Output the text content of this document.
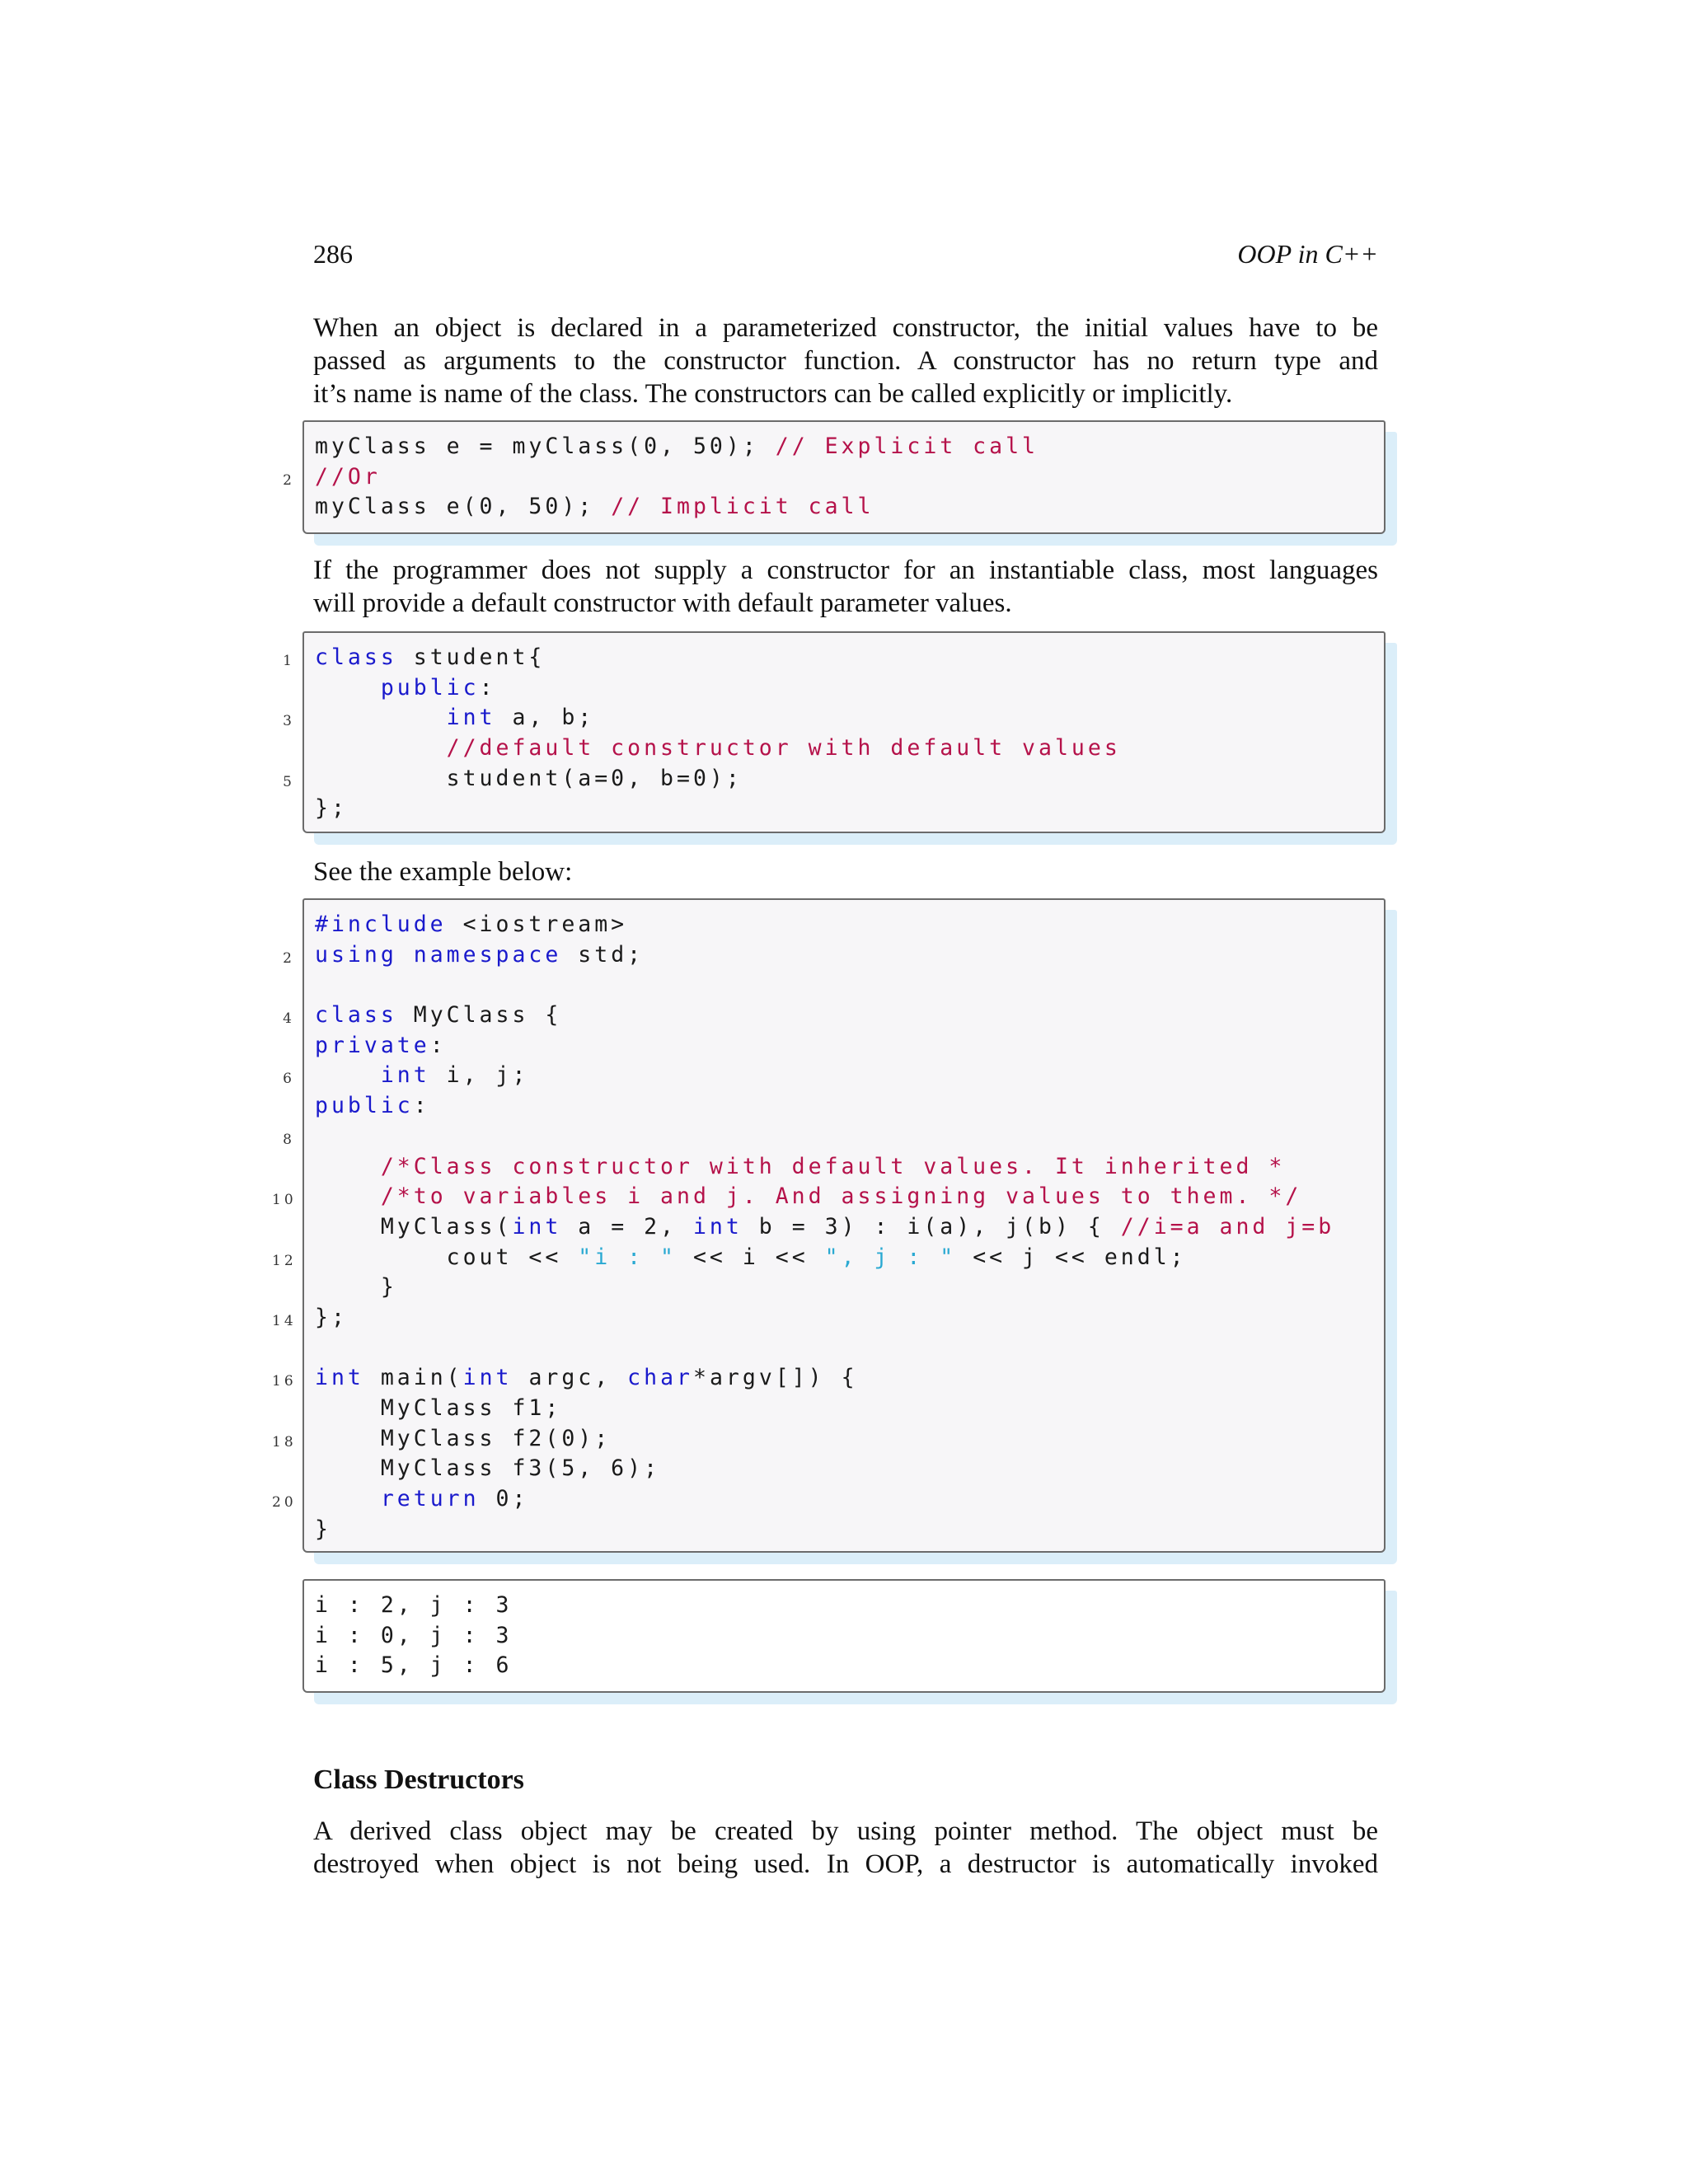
286	OOP in C++
When an object is declared in a parameterized constructor, the initial values have to be
passed as arguments to the constructor function. A constructor has no return type and
it’s name is name of the class. The constructors can be called explicitly or implicitly.
myClass e = myClass(0, 50); // Explicit call
2 //Or
myClass e(0, 50); // Implicit call
If the programmer does not supply a constructor for an instantiable class, most languages
will provide a default constructor with default parameter values.
1 class student{
public:
3	int a, b;
//default constructor with default values
5 student(a=0, b=0);
};
See the example below:
#include <iostream>
2 using namespace std;
4 class MyClass {
private:
6	int i, j;
public:
8
/*Class constructor with default values. It inherited *
10	/*to variables i and j. And assigning values to them. */
MyClass(int a = 2, int b = 3) : i(a), j(b) { //i=a and j=b
12 cout << "i : " << i << ", j : " << j << endl;
}
14 };
16 int main(int argc, char*argv[]) {
MyClass f1;
18 MyClass f2(0);
MyClass f3(5, 6);
20	return 0;
}
i : 2, j : 3
i : 0, j : 3
i : 5, j : 6
Class Destructors
A derived class object may be created by using pointer method. The object must be
destroyed when object is not being used. In OOP, a destructor is automatically invoked
